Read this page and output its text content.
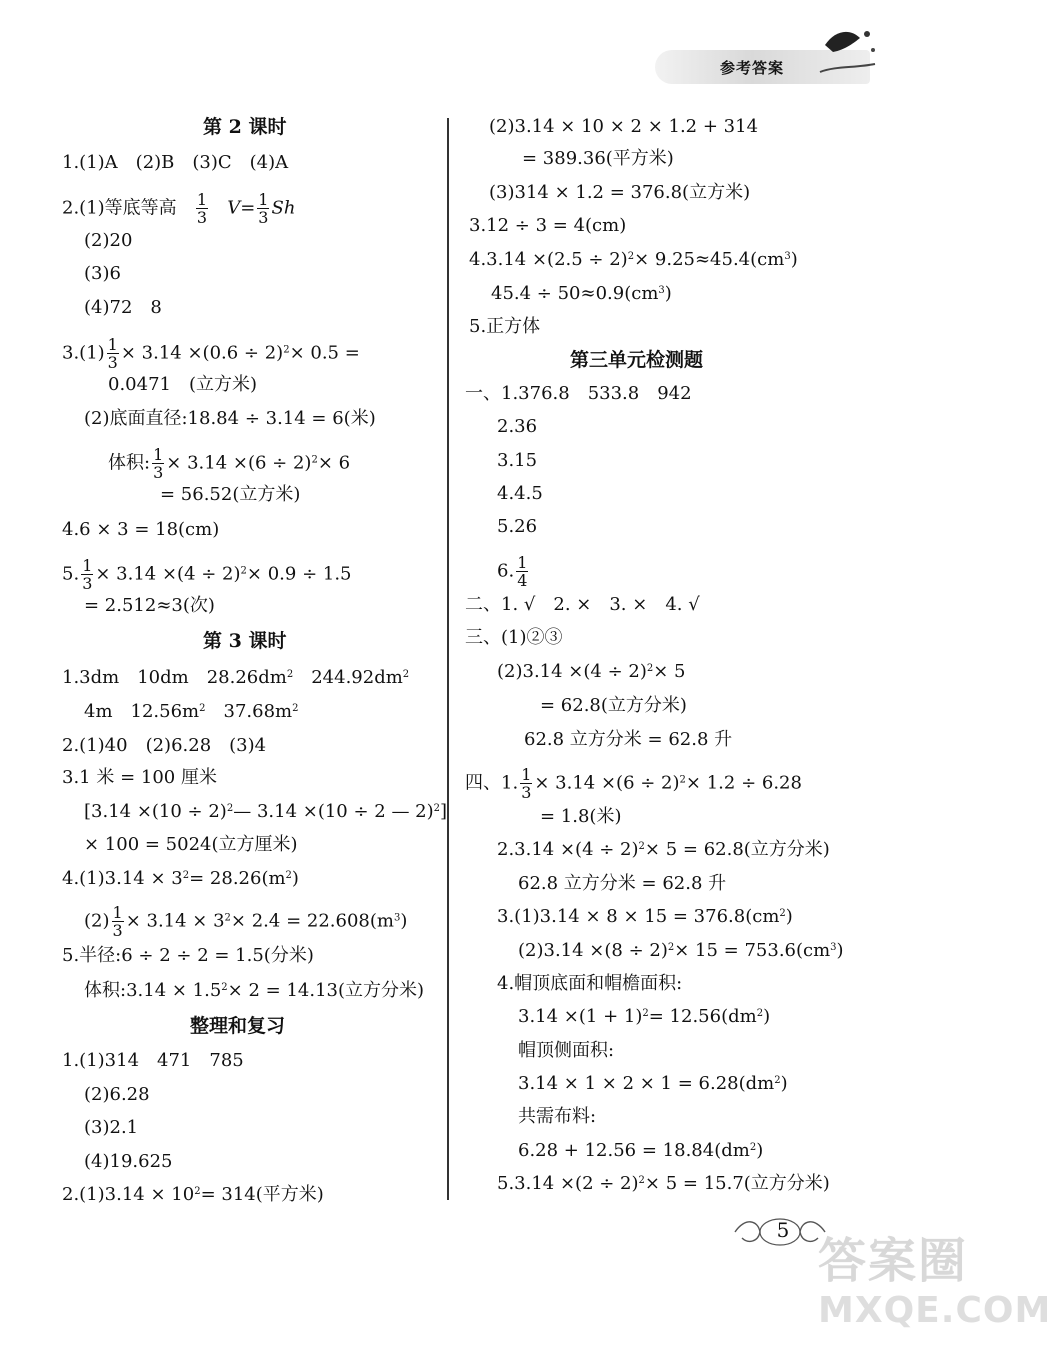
参考答案
第 2 课时
1.(1)A　(2)B　(3)C　(4)A
2.(1)等底等高 $\frac{1}{3} V= \frac{1}{3}$ Sh
(2)20
(3)6
(4)72　8
$3.(1) \frac{1}{3} \times 3.14 \times(0.6 \div 2)^2\times 0.5$ =
0.0471　(立方米)
(2)底面直径:18.84 ÷ 3.14 = 6(米)
体积: $\frac{1}{3} \times 3.14 \times(6 \div 2)^2\times 6$
= 56.52(立方米)
4.6 × 3 = 18(cm)
5. $\frac{1}{3} \times 3.14 \times(4 \div 2)^2\times 0.9 \div 1.5$
= 2.512≈3(次)
第 3 课时
1.3dm　10dm　$28.26dm^2$　$244.92dm^2$
4m　$12.56m^2$　$37.68m^2$
2.(1)40　(2)6.28　(3)4
3.1 米 = 100 厘米
[$3.14 \times(10 \div 2)^2—$ 3.14 ×(10 ÷ 2 — 2)$^2$]
× 100 = 5024(立方厘米)
$4.(1)3.14 \times 3^2= 28.26(m^2)$
$(2) \frac{1}{3} \times 3.14 \times 3^2\times 2.4 = 22.608(m^3)$
5.半径:6 ÷ 2 ÷ 2 = 1.5(分米)
体积:3.14 × $1.5^2\times 2 = 14.13$(立方分米)
整理和复习
1.(1)314　471　785
(2)6.28
(3)2.1
(4)19.625
$2.(1)3.14 \times 10^2= 314$(平方米)
(2)3.14 × 10 × 2 × 1.2 + 314
= 389.36(平方米)
(3)314 × 1.2 = 376.8(立方米)
3.12 ÷ 3 = 4(cm)
$4.3.14 \times(2.5 \div 2)^2\times 9.25\approx 45.4(cm^3)$
$45.4 \div 50\approx 0.9(cm^3)$
5.正方体
第三单元检测题
一、1.376.8　533.8　942
2.36
3.15
4.4.5
5.26
6. $\frac{1}{4}$
二、1. √　2. ×　3. ×　4. √
三、(1)②③
$(2)3.14 \times(4 \div 2)^2\times 5$
= 62.8(立方分米)
62.8 立方分米 = 62.8 升
四、1. $\frac{1}{3} \times 3.14 \times(6 \div 2)^2\times 1.2 \div 6.28$
= 1.8(米)
$2.3.14 \times(4 \div 2)^2\times 5 = 62.8$(立方分米)
62.8 立方分米 = 62.8 升
$3.(1)3.14 \times 8 \times 15 = 376.8(cm^2)$
$(2)3.14 \times(8 \div 2)^2\times 15 = 753.6(cm^3)$
4.帽顶底面和帽檐面积:
$3.14 \times(1 + 1)^2= 12.56(dm^2)$
帽顶侧面积:
$3.14 \times 1 \times 2 \times 1 = 6.28(dm^2)$
共需布料:
$6.28 + 12.56 = 18.84(dm^2)$
$5.3.14 \times(2 \div 2)^2\times 5 = 15.7$(立方分米)
5
答案圈
MXQE.COM
